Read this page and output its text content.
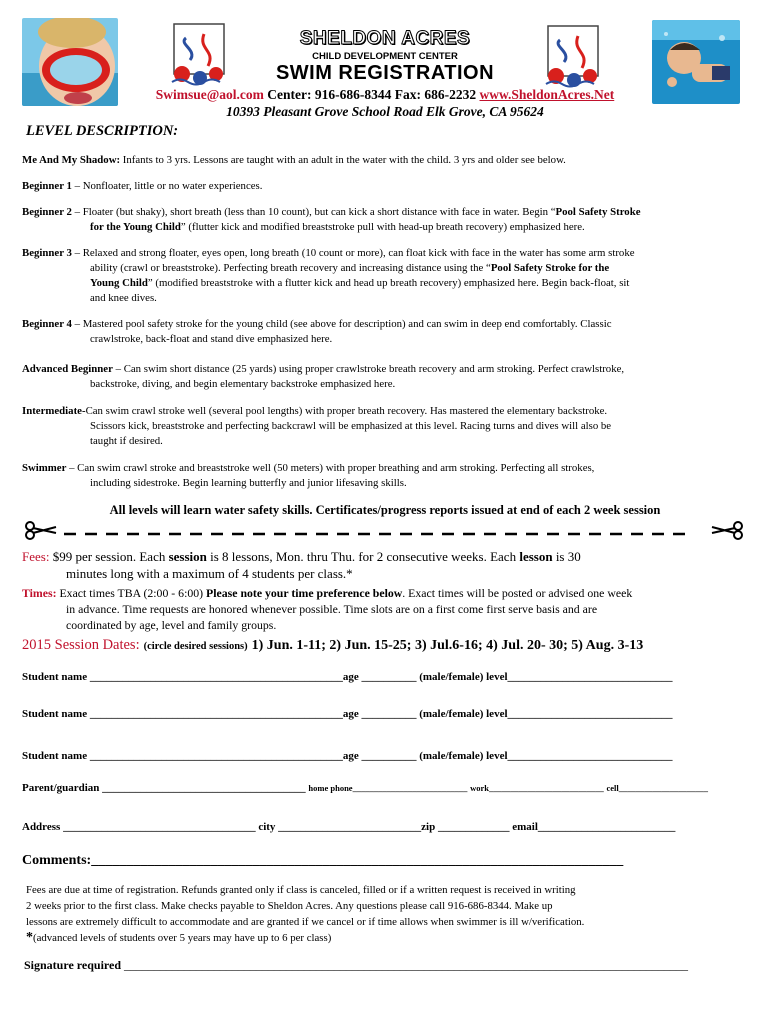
SHELDON ACRES
CHILD DEVELOPMENT CENTER
SWIM REGISTRATION
Swimsue@aol.com Center: 916-686-8344 Fax: 686-2232 www.SheldonAcres.Net
10393 Pleasant Grove School Road Elk Grove, CA 95624
LEVEL DESCRIPTION:
Me And My Shadow: Infants to 3 yrs. Lessons are taught with an adult in the water with the child. 3 yrs and older see below.
Beginner 1 – Nonfloater, little or no water experiences.
Beginner 2 – Floater (but shaky), short breath (less than 10 count), but can kick a short distance with face in water. Begin “Pool Safety Stroke
for the Young Child” (flutter kick and modified breaststroke pull with head-up breath recovery) emphasized here.
Beginner 3 – Relaxed and strong floater, eyes open, long breath (10 count or more), can float kick with face in the water has some arm stroke
ability (crawl or breaststroke). Perfecting breath recovery and increasing distance using the “Pool Safety Stroke for the
Young Child” (modified breaststroke with a flutter kick and head up breath recovery) emphasized here. Begin back-float, sit
and knee dives.
Beginner 4 – Mastered pool safety stroke for the young child (see above for description) and can swim in deep end comfortably. Classic
crawlstroke, back-float and stand dive emphasized here.
Advanced Beginner – Can swim short distance (25 yards) using proper crawlstroke breath recovery and arm stroking. Perfect crawlstroke,
backstroke, diving, and begin elementary backstroke emphasized here.
Intermediate-Can swim crawl stroke well (several pool lengths) with proper breath recovery. Has mastered the elementary backstroke.
Scissors kick, breaststroke and perfecting backcrawl will be emphasized at this level. Racing turns and dives will also be
taught if desired.
Swimmer – Can swim crawl stroke and breaststroke well (50 meters) with proper breathing and arm stroking. Perfecting all strokes,
including sidestroke. Begin learning butterfly and junior lifesaving skills.
All levels will learn water safety skills. Certificates/progress reports issued at end of each 2 week session
Fees: $99 per session. Each session is 8 lessons, Mon. thru Thu. for 2 consecutive weeks. Each lesson is 30
minutes long with a maximum of 4 students per class.*
Times: Exact times TBA (2:00 - 6:00) Please note your time preference below. Exact times will be posted or advised one week
in advance. Time requests are honored whenever possible. Time slots are on a first come first serve basis and are
coordinated by age, level and family groups.
2015 Session Dates: (circle desired sessions) 1) Jun. 1-11; 2) Jun. 15-25; 3) Jul.6-16; 4) Jul. 20- 30; 5) Aug. 3-13
Student name ______________________________________________age __________ (male/female) level______________________________
Student name ______________________________________________age __________ (male/female) level______________________________
Student name ______________________________________________age __________ (male/female) level______________________________
Parent/guardian _____________________________________ home phone___________________________ work___________________________ cell_____________________
Address ___________________________________ city __________________________zip _____________ email_________________________
Comments:____________________________________________________________________________
Fees are due at time of registration. Refunds granted only if class is canceled, filled or if a written request is received in writing
2 weeks prior to the first class. Make checks payable to Sheldon Acres. Any questions please call 916-686-8344. Make up
lessons are extremely difficult to accommodate and are granted if we cancel or if time allows when swimmer is ill w/verification.
*(advanced levels of students over 5 years may have up to 6 per class)
Signature required ______________________________________________________________________________________________
